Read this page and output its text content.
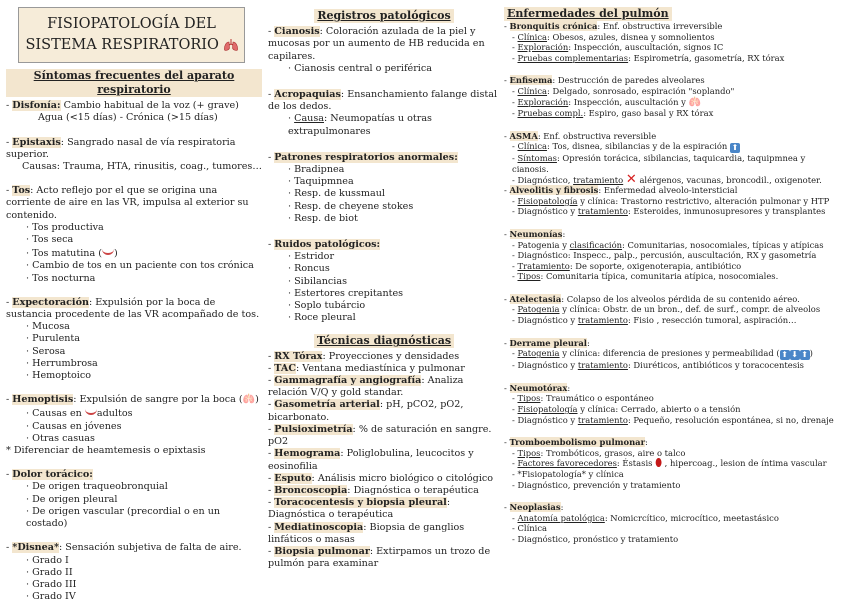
FISIOPATOLOGÍA DEL
SISTEMA RESPIRATORIO
Síntomas frecuentes del aparato respiratorio
- Disfonía: Cambio habitual de la voz (+ grave)
Agua (<15 días) - Crónica (>15 días)
- Epistaxis: Sangrado nasal de vía respiratoria superior.
Causas: Trauma, HTA, rinusitis, coag., tumores…
- Tos: Acto reflejo por el que se origina una corriente de aire en las VR, impulsa al exterior su contenido.
· Tos productiva
· Tos seca
· Tos matutina ( )
· Cambio de tos en un paciente con tos crónica
· Tos nocturna
- Expectoración: Expulsión por la boca de sustancia procedente de las VR acompañado de tos.
· Mucosa
· Purulenta
· Serosa
· Herrumbrosa
· Hemoptoico
- Hemoptisis: Expulsión de sangre por la boca (🫁)
· Causas en adultos
· Causas en jóvenes
· Otras casuas
* Diferenciar de heamtemesis o epixtasis
- Dolor torácico:
· De origen traqueobronquial
· De origen pleural
· De origen vascular (precordial o en un costado)
- *Disnea*: Sensación subjetiva de falta de aire.
· Grado I
· Grado II
· Grado III
· Grado IV
Registros patológicos
- Cianosis: Coloración azulada de la piel y mucosas por un aumento de HB reducida en capilares.
· Cianosis central o periférica
- Acropaquias: Ensanchamiento falange distal de los dedos.
· Causa: Neumopatías u otras extrapulmonares
- Patrones respiratorios anormales:
· Bradipnea
· Taquipmnea
· Resp. de kussmaul
· Resp. de cheyene stokes
· Resp. de biot
- Ruidos patológicos:
· Estridor
· Roncus
· Sibilancias
· Estertores crepitantes
· Soplo tubárcio
· Roce pleural
Técnicas diagnósticas
- RX Tórax: Proyecciones y densidades
- TAC: Ventana mediastínica y pulmonar
- Gammagrafía y angiografía: Analiza relación V/Q y gold standar.
- Gasometría arterial: pH, pCO2, pO2, bicarbonato.
- Pulsioximetría: % de saturación en sangre. pO2
- Hemograma: Poliglobulina, leucocitos y eosinofilia
- Esputo: Análisis micro biológico o citológico
- Broncoscopia: Diagnóstica o terapéutica
- Toracocentesis y biopsia pleural: Diagnóstica o terapéutica
- Mediatinoscopia: Biopsia de ganglios linfáticos o masas
- Biopsia pulmonar: Extirpamos un trozo de pulmón para examinar
Enfermedades del pulmón
- Bronquitis crónica: Enf. obstructiva irreversible
- Clínica: Obesos, azules, disnea y somnolientos
- Exploración: Inspección, auscultación, signos IC
- Pruebas complementarias: Espirometría, gasometría, RX tórax
- Enfisema: Destrucción de paredes alveolares
- Clínica: Delgado, sonrosado, espiración "soplando"
- Exploración: Inspección, auscultación y 🫁
- Pruebas compl.: Espiro, gaso basal y RX tórax
- ASMA: Enf. obstructiva reversible
- Clínica: Tos, disnea, sibilancias y de la espiración ⬆
- Síntomas: Opresión torácica, sibilancias, taquicardia, taquipmnea y cianosis.
- Diagnóstico, tratamiento ✕ alérgenos, vacunas, broncodil., oxigenoter.
- Alveolitis y fibrosis: Enfermedad alveolo-intersticial
- Fisiopatología y clínica: Trastorno restrictivo, alteración pulmonar y HTP
- Diagnóstico y tratamiento: Esteroides, inmunosupresores y transplantes
- Neumonías:
- Patogenia y clasificación: Comunitarias, nosocomiales, típicas y atípicas
- Diagnóstico: Inspecc., palp., percusión, auscultación, RX y gasometría
- Tratamiento: De soporte, oxigenoterapia, antibiótico
- Tipos: Comunitaria típica, comunitaria atípica, nosocomiales.
- Atelectasia: Colapso de los alveolos pérdida de su contenido aéreo.
- Patogenia y clínica: Obstr. de un bron., def. de surf., compr. de alveolos
- Diagnóstico y tratamiento: Fisio , resección tumoral, aspiración…
- Derrame pleural:
- Patogenia y clínica: diferencia de presiones y permeabilidad ( ⬆ ⬇ ⬆ )
- Diagnóstico y tratamiento: Diuréticos, antibióticos y toracocentesis
- Neumotórax:
- Tipos: Traumático o espontáneo
- Fisiopatología y clínica: Cerrado, abierto o a tensión
- Diagnóstico y tratamiento: Pequeño, resolución espontánea, si no, drenaje
- Tromboembolismo pulmonar:
- Tipos: Trombóticos, grasos, aire o talco
- Factores favorecedores: Éstasis ⬮ , hipercoag., lesion de íntima vascular
- *Fisiopatología* y clínica
- Diagnóstico, prevención y tratamiento
- Neoplasias:
- Anatomía patológica: Nomicrcítico, microcítico, meetastásico
- Clínica
- Diagnóstico, pronóstico y tratamiento
